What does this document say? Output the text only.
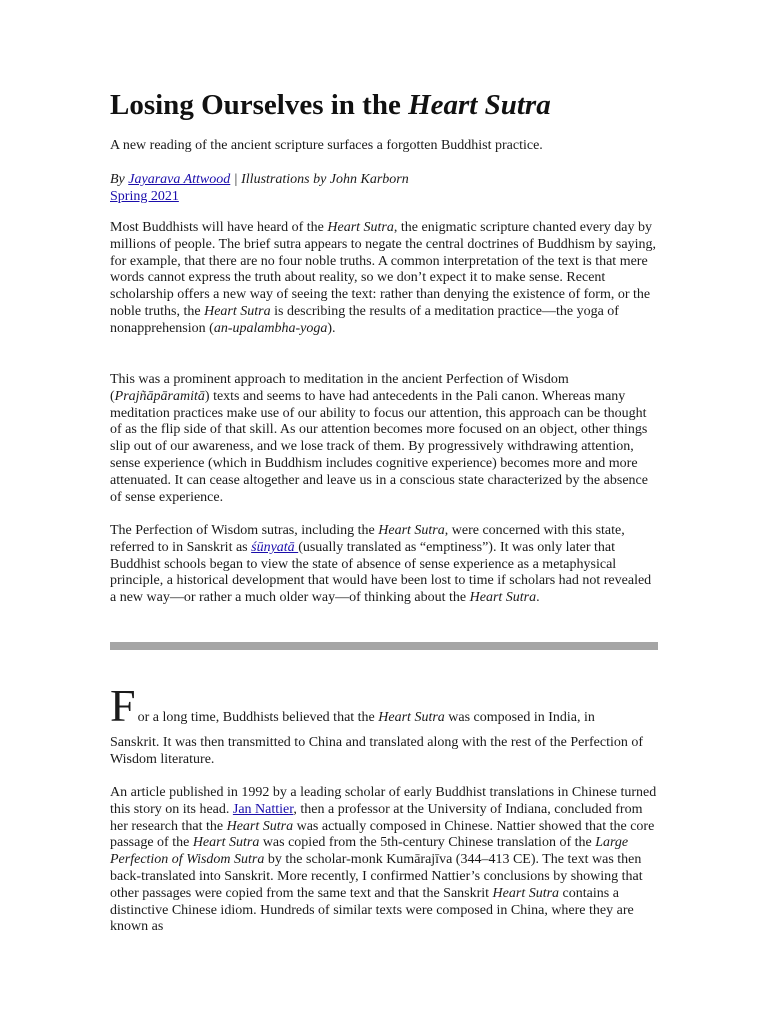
Losing Ourselves in the Heart Sutra
A new reading of the ancient scripture surfaces a forgotten Buddhist practice.
By Jayarava Attwood | Illustrations by John Karborn
Spring 2021

Most Buddhists will have heard of the Heart Sutra, the enigmatic scripture chanted every day by millions of people. The brief sutra appears to negate the central doctrines of Buddhism by saying, for example, that there are no four noble truths. A common interpretation of the text is that mere words cannot express the truth about reality, so we don’t expect it to make sense. Recent scholarship offers a new way of seeing the text: rather than denying the existence of form, or the noble truths, the Heart Sutra is describing the results of a meditation practice—the yoga of nonapprehension (an-upalambha-yoga).

This was a prominent approach to meditation in the ancient Perfection of Wisdom (Prajñāpāramitā) texts and seems to have had antecedents in the Pali canon. Whereas many meditation practices make use of our ability to focus our attention, this approach can be thought of as the flip side of that skill. As our attention becomes more focused on an object, other things slip out of our awareness, and we lose track of them. By progressively withdrawing attention, sense experience (which in Buddhism includes cognitive experience) becomes more and more attenuated. It can cease altogether and leave us in a conscious state characterized by the absence of sense experience.

The Perfection of Wisdom sutras, including the Heart Sutra, were concerned with this state, referred to in Sanskrit as śūnyatā (usually translated as “emptiness”). It was only later that Buddhist schools began to view the state of absence of sense experience as a metaphysical principle, a historical development that would have been lost to time if scholars had not revealed a new way—or rather a much older way—of thinking about the Heart Sutra.

For a long time, Buddhists believed that the Heart Sutra was composed in India, in

Sanskrit. It was then transmitted to China and translated along with the rest of the Perfection of Wisdom literature.

An article published in 1992 by a leading scholar of early Buddhist translations in Chinese turned this story on its head. Jan Nattier, then a professor at the University of Indiana, concluded from her research that the Heart Sutra was actually composed in Chinese. Nattier showed that the core passage of the Heart Sutra was copied from the 5th-century Chinese translation of the Large Perfection of Wisdom Sutra by the scholar-monk Kumārajīva (344–413 CE). The text was then back-translated into Sanskrit. More recently, I confirmed Nattier’s conclusions by showing that other passages were copied from the same text and that the Sanskrit Heart Sutra contains a distinctive Chinese idiom. Hundreds of similar texts were composed in China, where they are known as
